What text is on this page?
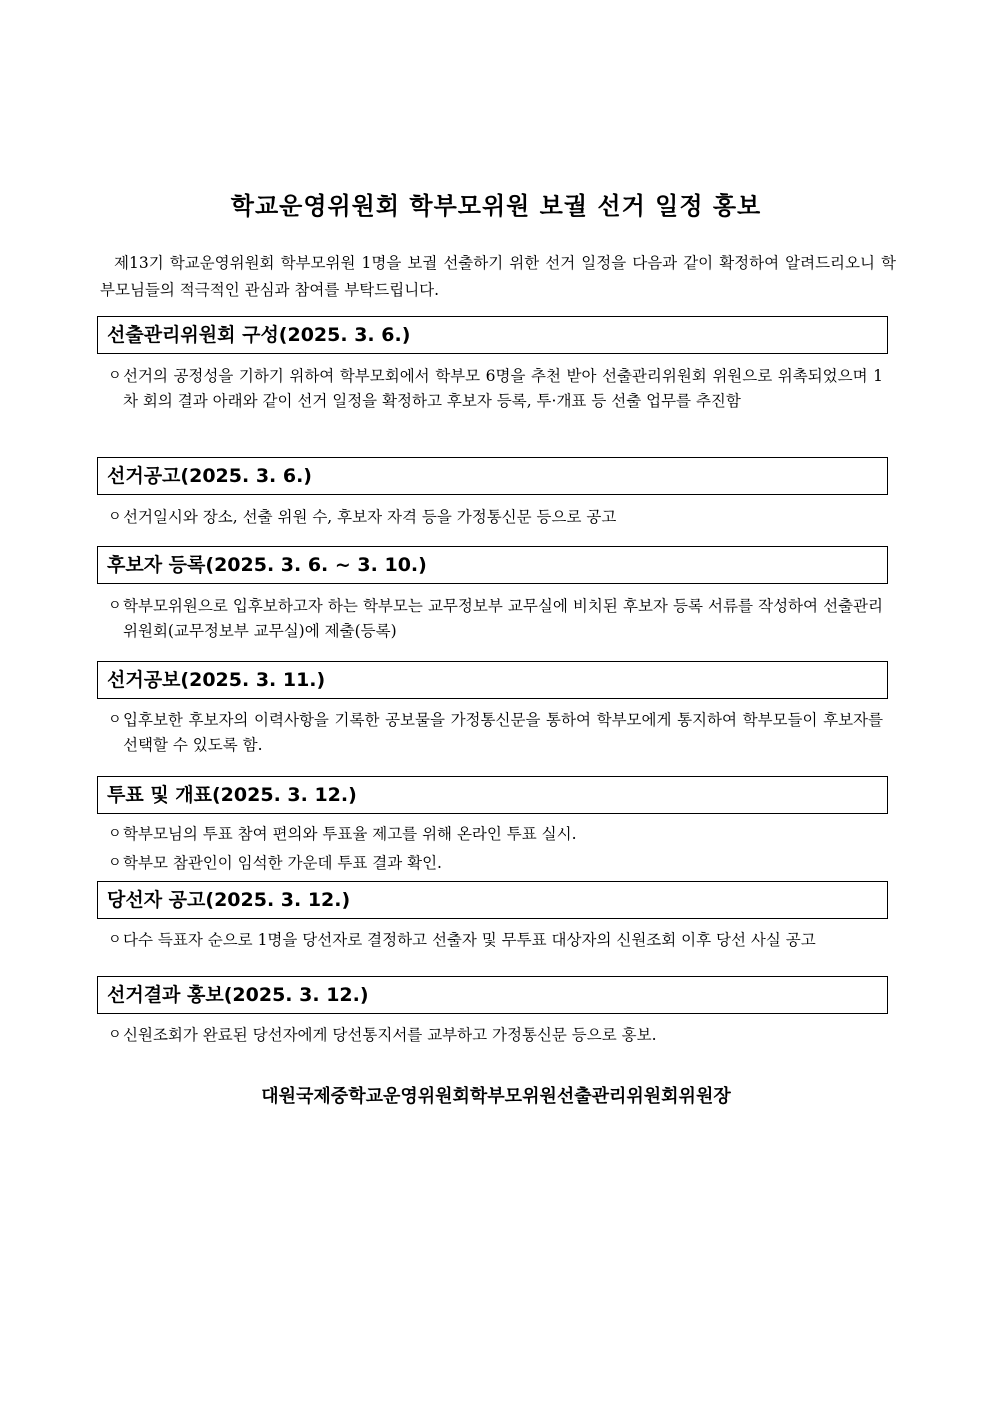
학교운영위원회 학부모위원 보궐 선거 일정 홍보
제13기 학교운영위원회 학부모위원 1명을 보궐 선출하기 위한 선거 일정을 다음과 같이 확정하여 알려드리오니 학부모님들의 적극적인 관심과 참여를 부탁드립니다.
선출관리위원회 구성(2025. 3. 6.)
ㅇ 선거의 공정성을 기하기 위하여 학부모회에서 학부모 6명을 추천 받아 선출관리위원회 위원으로 위촉되었으며 1차 회의 결과 아래와 같이 선거 일정을 확정하고 후보자 등록, 투·개표 등 선출 업무를 추진함
선거공고(2025. 3. 6.)
ㅇ 선거일시와 장소, 선출 위원 수, 후보자 자격 등을 가정통신문 등으로 공고
후보자 등록(2025. 3. 6. ~ 3. 10.)
ㅇ 학부모위원으로 입후보하고자 하는 학부모는 교무정보부 교무실에 비치된 후보자 등록 서류를 작성하여 선출관리위원회(교무정보부 교무실)에 제출(등록)
선거공보(2025. 3. 11.)
ㅇ 입후보한 후보자의 이력사항을 기록한 공보물을 가정통신문을 통하여 학부모에게 통지하여 학부모들이 후보자를 선택할 수 있도록 함.
투표 및 개표(2025. 3. 12.)
ㅇ 학부모님의 투표 참여 편의와 투표율 제고를 위해 온라인 투표 실시.
ㅇ 학부모 참관인이 임석한 가운데 투표 결과 확인.
당선자 공고(2025. 3. 12.)
ㅇ 다수 득표자 순으로 1명을 당선자로 결정하고 선출자 및 무투표 대상자의 신원조회 이후 당선 사실 공고
선거결과 홍보(2025. 3. 12.)
ㅇ 신원조회가 완료된 당선자에게 당선통지서를 교부하고 가정통신문 등으로 홍보.
대원국제중학교운영위원회학부모위원선출관리위원회위원장
